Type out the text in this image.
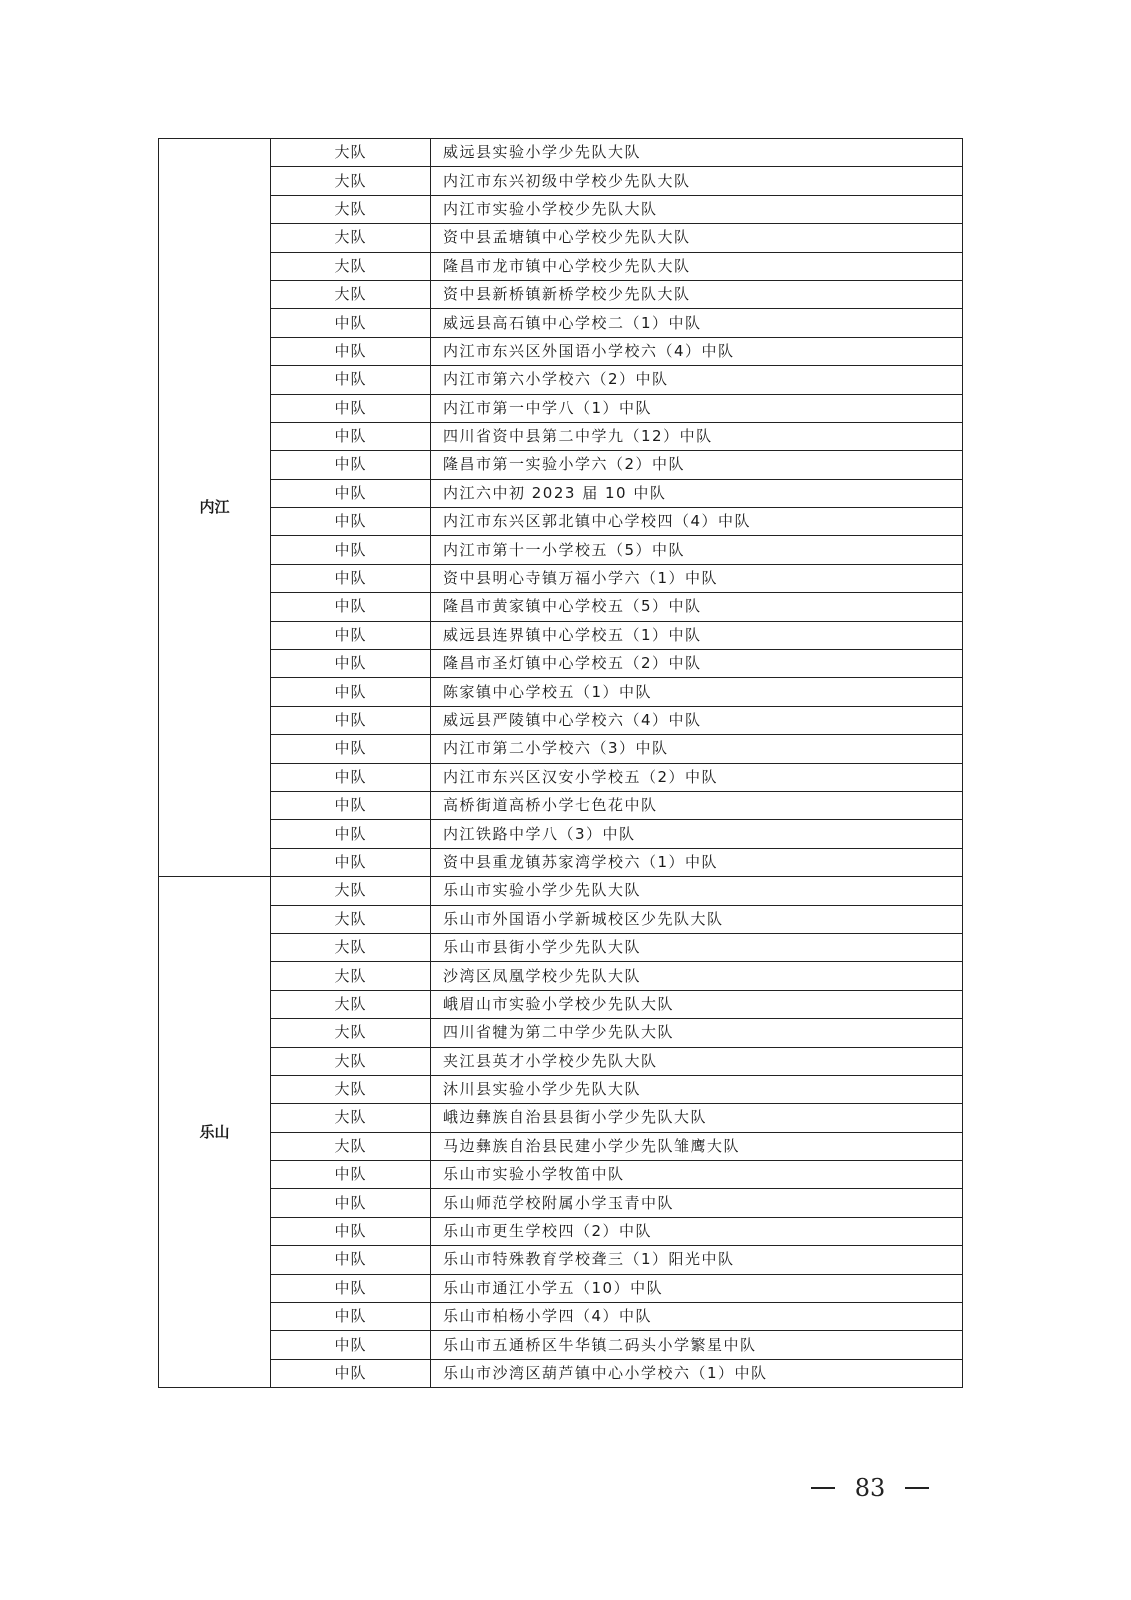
内江	大队	威远县实验小学少先队大队
	大队	内江市东兴初级中学校少先队大队
	大队	内江市实验小学校少先队大队
	大队	资中县孟塘镇中心学校少先队大队
	大队	隆昌市龙市镇中心学校少先队大队
	大队	资中县新桥镇新桥学校少先队大队
	中队	威远县高石镇中心学校二（1）中队
	中队	内江市东兴区外国语小学校六（4）中队
	中队	内江市第六小学校六（2）中队
	中队	内江市第一中学八（1）中队
	中队	四川省资中县第二中学九（12）中队
	中队	隆昌市第一实验小学六（2）中队
	中队	内江六中初 2023 届 10 中队
	中队	内江市东兴区郭北镇中心学校四（4）中队
	中队	内江市第十一小学校五（5）中队
	中队	资中县明心寺镇万福小学六（1）中队
	中队	隆昌市黄家镇中心学校五（5）中队
	中队	威远县连界镇中心学校五（1）中队
	中队	隆昌市圣灯镇中心学校五（2）中队
	中队	陈家镇中心学校五（1）中队
	中队	威远县严陵镇中心学校六（4）中队
	中队	内江市第二小学校六（3）中队
	中队	内江市东兴区汉安小学校五（2）中队
	中队	高桥街道高桥小学七色花中队
	中队	内江铁路中学八（3）中队
	中队	资中县重龙镇苏家湾学校六（1）中队
乐山	大队	乐山市实验小学少先队大队
	大队	乐山市外国语小学新城校区少先队大队
	大队	乐山市县街小学少先队大队
	大队	沙湾区凤凰学校少先队大队
	大队	峨眉山市实验小学校少先队大队
	大队	四川省犍为第二中学少先队大队
	大队	夹江县英才小学校少先队大队
	大队	沐川县实验小学少先队大队
	大队	峨边彝族自治县县街小学少先队大队
	大队	马边彝族自治县民建小学少先队雏鹰大队
	中队	乐山市实验小学牧笛中队
	中队	乐山师范学校附属小学玉青中队
	中队	乐山市更生学校四（2）中队
	中队	乐山市特殊教育学校聋三（1）阳光中队
	中队	乐山市通江小学五（10）中队
	中队	乐山市柏杨小学四（4）中队
	中队	乐山市五通桥区牛华镇二码头小学繁星中队
	中队	乐山市沙湾区葫芦镇中心小学校六（1）中队
83
